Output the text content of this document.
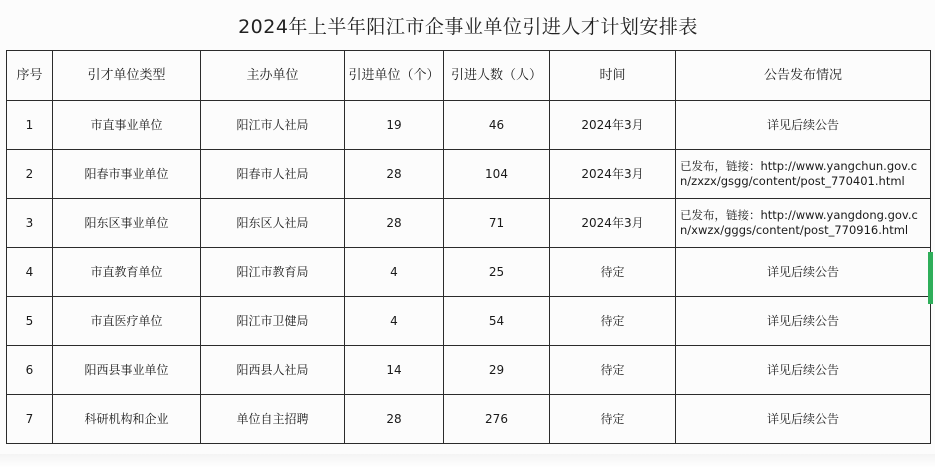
2024年上半年阳江市企事业单位引进人才计划安排表
序号	引才单位类型	主办单位	引进单位（个）	引进人数（人）	时间	公告发布情况
1	市直事业单位	阳江市人社局	19	46	2024年3月	详见后续公告
2	阳春市事业单位	阳春市人社局	28	104	2024年3月	已发布，链接：http://www.yangchun.gov.cn/zxzx/gsgg/content/post_770401.html
3	阳东区事业单位	阳东区人社局	28	71	2024年3月	已发布，链接：http://www.yangdong.gov.cn/xwzx/gggs/content/post_770916.html
4	市直教育单位	阳江市教育局	4	25	待定	详见后续公告
5	市直医疗单位	阳江市卫健局	4	54	待定	详见后续公告
6	阳西县事业单位	阳西县人社局	14	29	待定	详见后续公告
7	科研机构和企业	单位自主招聘	28	276	待定	详见后续公告
